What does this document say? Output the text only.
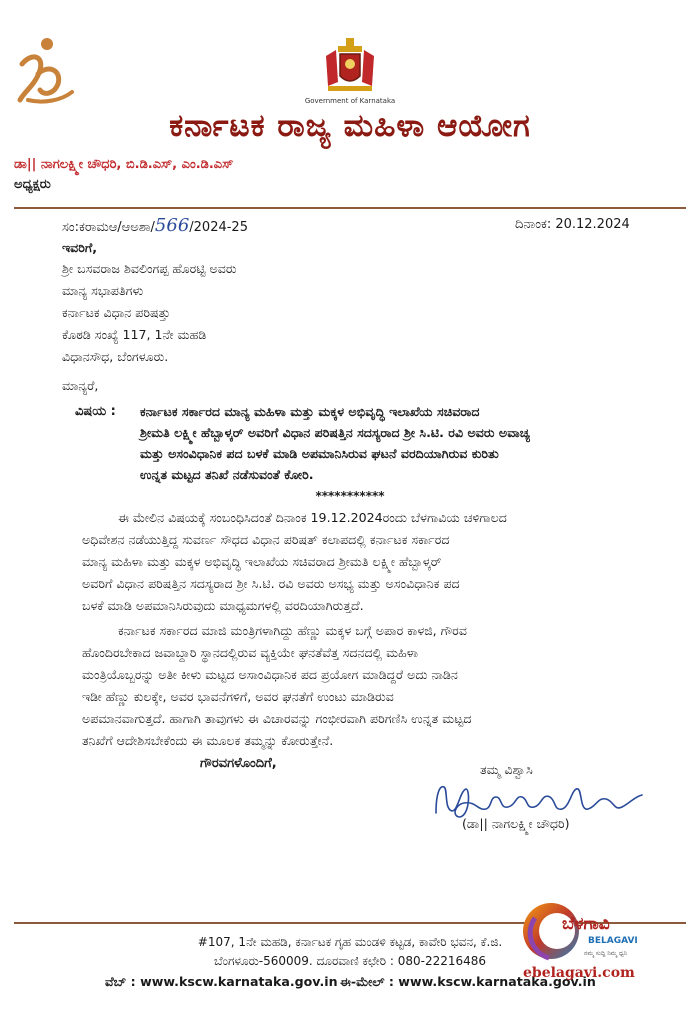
Government of Karnataka
ಕರ್ನಾಟಕ ರಾಜ್ಯ ಮಹಿಳಾ ಆಯೋಗ
ಡಾ|| ನಾಗಲಕ್ಷ್ಮೀ ಚೌಧರಿ, ಬಿ.ಡಿ.ಎಸ್, ಎಂ.ಡಿ.ಎಸ್
ಅಧ್ಯಕ್ಷರು
ಸಂ:ಕರಾಮಆ/ಆಅಶಾ/566/2024-25	ದಿನಾಂಕ: 20.12.2024
ಇವರಿಗೆ,
ಶ್ರೀ ಬಸವರಾಜ ಶಿವಲಿಂಗಪ್ಪ ಹೊರಟ್ಟಿ ಅವರು
ಮಾನ್ಯ ಸಭಾಪತಿಗಳು
ಕರ್ನಾಟಕ ವಿಧಾನ ಪರಿಷತ್ತು
ಕೊಠಡಿ ಸಂಖ್ಯೆ 117, 1ನೇ ಮಹಡಿ
ವಿಧಾನಸೌಧ, ಬೆಂಗಳೂರು.
ಮಾನ್ಯರೆ,
ವಿಷಯ : ಕರ್ನಾಟಕ ಸರ್ಕಾರದ ಮಾನ್ಯ ಮಹಿಳಾ ಮತ್ತು ಮಕ್ಕಳ ಅಭಿವೃದ್ಧಿ ಇಲಾಖೆಯ ಸಚಿವರಾದ
ಶ್ರೀಮತಿ ಲಕ್ಷ್ಮೀ ಹೆಬ್ಬಾಳ್ಕರ್ ಅವರಿಗೆ ವಿಧಾನ ಪರಿಷತ್ತಿನ ಸದಸ್ಯರಾದ ಶ್ರೀ ಸಿ.ಟಿ. ರವಿ ಅವರು ಅವಾಚ್ಯ
ಮತ್ತು ಅಸಂವಿಧಾನಿಕ ಪದ ಬಳಕೆ ಮಾಡಿ ಅಪಮಾನಿಸಿರುವ ಘಟನೆ ವರದಿಯಾಗಿರುವ ಕುರಿತು
ಉನ್ನತ ಮಟ್ಟದ ತನಿಖೆ ನಡೆಸುವಂತೆ ಕೋರಿ.
***********
ಈ ಮೇಲಿನ ವಿಷಯಕ್ಕೆ ಸಂಬಂಧಿಸಿದಂತೆ ದಿನಾಂಕ 19.12.2024ರಂದು ಬೆಳಗಾವಿಯ ಚಳಿಗಾಲದ
ಅಧಿವೇಶನ ನಡೆಯುತ್ತಿದ್ದ ಸುವರ್ಣ ಸೌಧದ ವಿಧಾನ ಪರಿಷತ್ ಕಲಾಪದಲ್ಲಿ ಕರ್ನಾಟಕ ಸರ್ಕಾರದ
ಮಾನ್ಯ ಮಹಿಳಾ ಮತ್ತು ಮಕ್ಕಳ ಅಭಿವೃದ್ಧಿ ಇಲಾಖೆಯ ಸಚಿವರಾದ ಶ್ರೀಮತಿ ಲಕ್ಷ್ಮೀ ಹೆಬ್ಬಾಳ್ಕರ್
ಅವರಿಗೆ ವಿಧಾನ ಪರಿಷತ್ತಿನ ಸದಸ್ಯರಾದ ಶ್ರೀ ಸಿ.ಟಿ. ರವಿ ಅವರು ಅಸಭ್ಯ ಮತ್ತು ಅಸಂವಿಧಾನಿಕ ಪದ
ಬಳಕೆ ಮಾಡಿ ಅಪಮಾನಿಸಿರುವುದು ಮಾಧ್ಯಮಗಳಲ್ಲಿ ವರದಿಯಾಗಿರುತ್ತದೆ.
ಕರ್ನಾಟಕ ಸರ್ಕಾರದ ಮಾಜಿ ಮಂತ್ರಿಗಳಾಗಿದ್ದು ಹೆಣ್ಣು ಮಕ್ಕಳ ಬಗ್ಗೆ ಅಪಾರ ಕಾಳಜಿ, ಗೌರವ
ಹೊಂದಿರಬೇಕಾದ ಜವಾಬ್ದಾರಿ ಸ್ಥಾನದಲ್ಲಿರುವ ವ್ಯಕ್ತಿಯೇ ಘನತೆವೆತ್ತ ಸದನದಲ್ಲಿ ಮಹಿಳಾ
ಮಂತ್ರಿಯೊಬ್ಬರನ್ನು ಅತೀ ಕೀಳು ಮಟ್ಟದ ಅಸಾಂವಿಧಾನಿಕ ಪದ ಪ್ರಯೋಗ ಮಾಡಿದ್ದರೆ ಅದು ನಾಡಿನ
ಇಡೀ ಹೆಣ್ಣು ಕುಲಕ್ಕೇ, ಅವರ ಭಾವನೆಗಳಿಗೆ, ಅವರ ಘನತೆಗೆ ಉಂಟು ಮಾಡಿರುವ
ಅಪಮಾನವಾಗುತ್ತದೆ. ಹಾಗಾಗಿ ತಾವುಗಳು ಈ ವಿಚಾರವನ್ನು ಗಂಭೀರವಾಗಿ ಪರಿಗಣಿಸಿ ಉನ್ನತ ಮಟ್ಟದ
ತನಿಖೆಗೆ ಆದೇಶಿಸಬೇಕೆಂದು ಈ ಮೂಲಕ ತಮ್ಮನ್ನು ಕೋರುತ್ತೇನೆ.
ಗೌರವಗಳೊಂದಿಗೆ,	ತಮ್ಮ ವಿಶ್ವಾಸಿ
(ಡಾ|| ನಾಗಲಕ್ಷ್ಮೀ ಚೌಧರಿ)
#107, 1ನೇ ಮಹಡಿ, ಕರ್ನಾಟಕ ಗೃಹ ಮಂಡಳಿ ಕಟ್ಟಡ, ಕಾವೇರಿ ಭವನ, ಕೆ.ಜಿ.
ಬೆಂಗಳೂರು-560009. ದೂರವಾಣಿ ಕಛೇರಿ : 080-22216486
ವೆಬ್ : www.kscw.karnataka.gov.in ಈ-ಮೇಲ್ : www.kscw.karnataka.gov.in
ಬೆಳಗಾವಿ
BELAGAVI
ನಮ್ಮ ಸುದ್ದಿ ನಿಮ್ಮ ಧ್ವನಿ
ebelagavi.com
